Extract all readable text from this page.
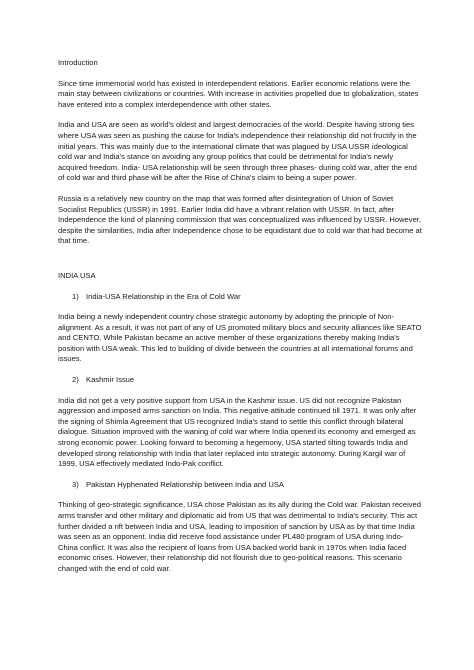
Introduction

Since time immemorial world has existed in interdependent relations. Earlier economic relations were the main stay between civilizations or countries. With increase in activities propelled due to globalization, states have entered into a complex interdependence with other states.

India and USA are seen as world's oldest and largest democracies of the world. Despite having strong ties where USA was seen as pushing the cause for India's independence their relationship did not fructify in the initial years. This was mainly due to the international climate that was plagued by USA USSR ideological cold war and India's stance on avoiding any group politics that could be detrimental for India's newly acquired freedom. India- USA relationship will be seen through three phases- during cold war, after the end of cold war and third phase will be after the Rise of China's claim to being a super power.

Russia is a relatively new country on the map that was formed after disintegration of Union of Soviet Socialist Republics (USSR) in 1991. Earlier India did have a vibrant relation with USSR. In fact, after Independence the kind of planning commission that was conceptualized was influenced by USSR. However, despite the similarities, India after Independence chose to be equidistant due to cold war that had become at that time.

INDIA USA

1) India-USA Relationship in the Era of Cold War

India being a newly independent country chose strategic autonomy by adopting the principle of Non-alignment. As a result, it was not part of any of US promoted military blocs and security alliances like SEATO and CENTO. While Pakistan became an active member of these organizations thereby making India's position with USA weak. This led to building of divide between the countries at all international forums and issues.

2) Kashmir Issue

India did not get a very positive support from USA in the Kashmir issue. US did not recognize Pakistan aggression and imposed arms sanction on India. This negative attitude continued till 1971. It was only after the signing of Shimla Agreement that US recognized India's stand to settle this conflict through bilateral dialogue. Situation improved with the waning of cold war where India opened its economy and emerged as strong economic power. Looking forward to becoming a hegemony, USA started tilting towards India and developed strong relationship with India that later replaced into strategic autonomy. During Kargil war of 1999, USA effectively mediated Indo-Pak conflict.

3) Pakistan Hyphenated Relationship between India and USA

Thinking of geo-strategic significance, USA chose Pakistan as its ally during the Cold war. Pakistan received arms transfer and other military and diplomatic aid from US that was detrimental to India's security. This act further divided a rift between India and USA, leading to imposition of sanction by USA as by that time India was seen as an opponent. India did receive food assistance under PL480 program of USA during Indo-China conflict. It was also the recipient of loans from USA backed world bank in 1970s when India faced economic crises. However, their relationship did not flourish due to geo-political reasons. This scenario changed with the end of cold war.
